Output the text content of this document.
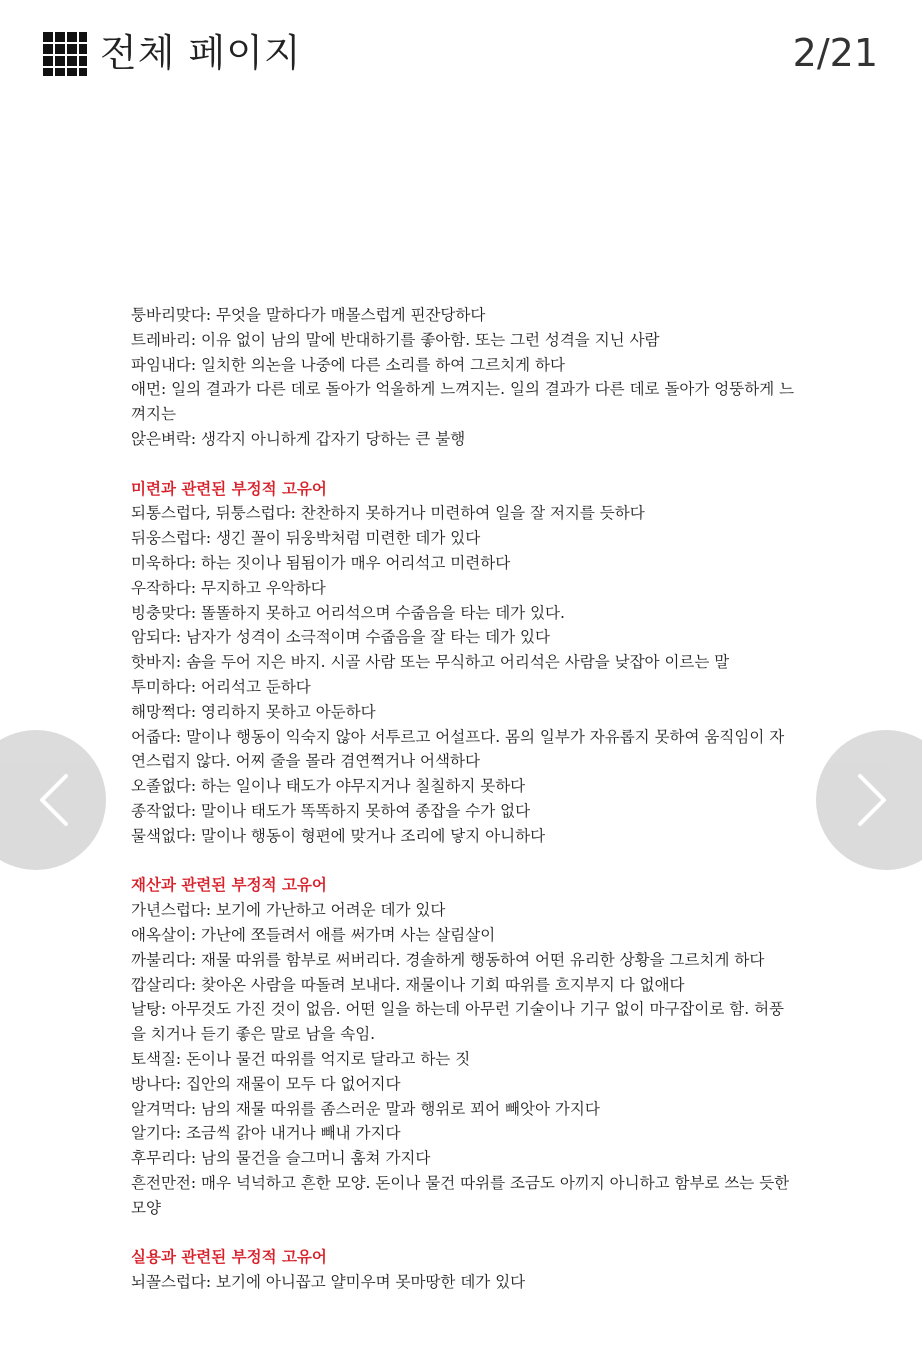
전체 페이지	2/21
퉁바리맞다: 무엇을 말하다가 매몰스럽게 핀잔당하다
트레바리: 이유 없이 남의 말에 반대하기를 좋아함. 또는 그런 성격을 지닌 사람
파임내다: 일치한 의논을 나중에 다른 소리를 하여 그르치게 하다
애먼: 일의 결과가 다른 데로 돌아가 억울하게 느껴지는. 일의 결과가 다른 데로 돌아가 엉뚱하게 느껴지는
앉은벼락: 생각지 아니하게 갑자기 당하는 큰 불행
미련과 관련된 부정적 고유어
되통스럽다, 뒤퉁스럽다: 찬찬하지 못하거나 미련하여 일을 잘 저지를 듯하다
뒤웅스럽다: 생긴 꼴이 뒤웅박처럼 미련한 데가 있다
미욱하다: 하는 짓이나 됨됨이가 매우 어리석고 미련하다
우작하다: 무지하고 우악하다
빙충맞다: 똘똘하지 못하고 어리석으며 수줍음을 타는 데가 있다.
암되다: 남자가 성격이 소극적이며 수줍음을 잘 타는 데가 있다
핫바지: 솜을 두어 지은 바지. 시골 사람 또는 무식하고 어리석은 사람을 낮잡아 이르는 말
투미하다: 어리석고 둔하다
해망쩍다: 영리하지 못하고 아둔하다
어줍다: 말이나 행동이 익숙지 않아 서투르고 어설프다. 몸의 일부가 자유롭지 못하여 움직임이 자연스럽지 않다. 어찌 줄을 몰라 겸연쩍거나 어색하다
오졸없다: 하는 일이나 태도가 야무지거나 칠칠하지 못하다
종작없다: 말이나 태도가 똑똑하지 못하여 종잡을 수가 없다
물색없다: 말이나 행동이 형편에 맞거나 조리에 닿지 아니하다
재산과 관련된 부정적 고유어
가년스럽다: 보기에 가난하고 어려운 데가 있다
애옥살이: 가난에 쪼들려서 애를 써가며 사는 살림살이
까불리다: 재물 따위를 함부로 써버리다. 경솔하게 행동하여 어떤 유리한 상황을 그르치게 하다
깝살리다: 찾아온 사람을 따돌려 보내다. 재물이나 기회 따위를 흐지부지 다 없애다
날탕: 아무것도 가진 것이 없음. 어떤 일을 하는데 아무런 기술이나 기구 없이 마구잡이로 함. 허풍을 치거나 듣기 좋은 말로 남을 속임.
토색질: 돈이나 물건 따위를 억지로 달라고 하는 짓
방나다: 집안의 재물이 모두 다 없어지다
알겨먹다: 남의 재물 따위를 좀스러운 말과 행위로 꾀어 빼앗아 가지다
알기다: 조금씩 갉아 내거나 빼내 가지다
후무리다: 남의 물건을 슬그머니 훔쳐 가지다
흔전만전: 매우 넉넉하고 흔한 모양. 돈이나 물건 따위를 조금도 아끼지 아니하고 함부로 쓰는 듯한 모양
실용과 관련된 부정적 고유어
뇌꼴스럽다: 보기에 아니꼽고 얄미우며 못마땅한 데가 있다
